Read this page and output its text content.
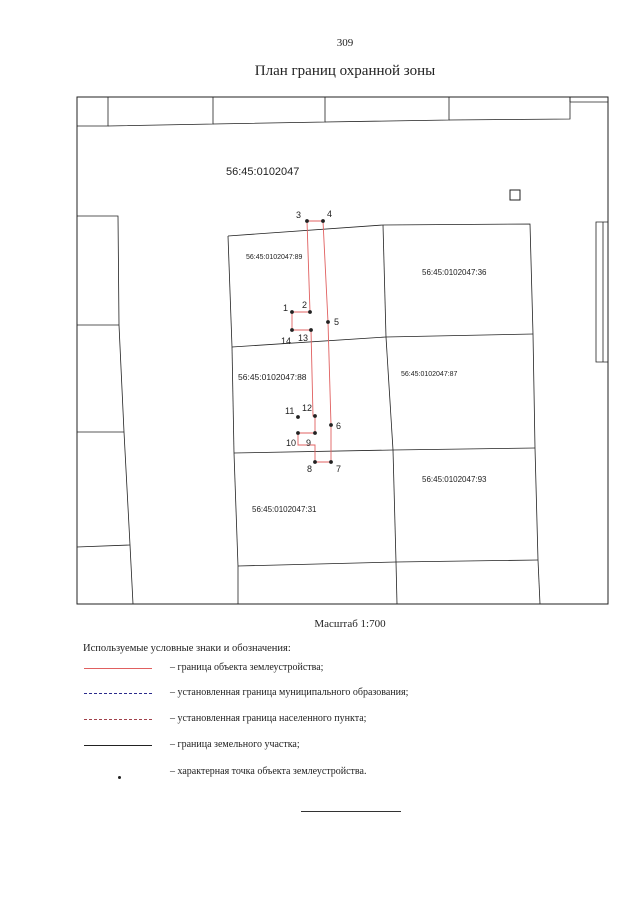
309
План границ охранной зоны
1 2
3	4
5
6
7
8
9
10
11 12
13
14
56:45:0102047
56:45:0102047:89
56:45:0102047:36
56:45:0102047:88	56:45:0102047:87
56:45:0102047:93
56:45:0102047:31
Масштаб 1:700
Используемые условные знаки и обозначения:
– граница объекта землеустройства;
– установленная граница муниципального образования;
– установленная граница населенного пункта;
– граница земельного участка;
– характерная точка объекта землеустройства.
